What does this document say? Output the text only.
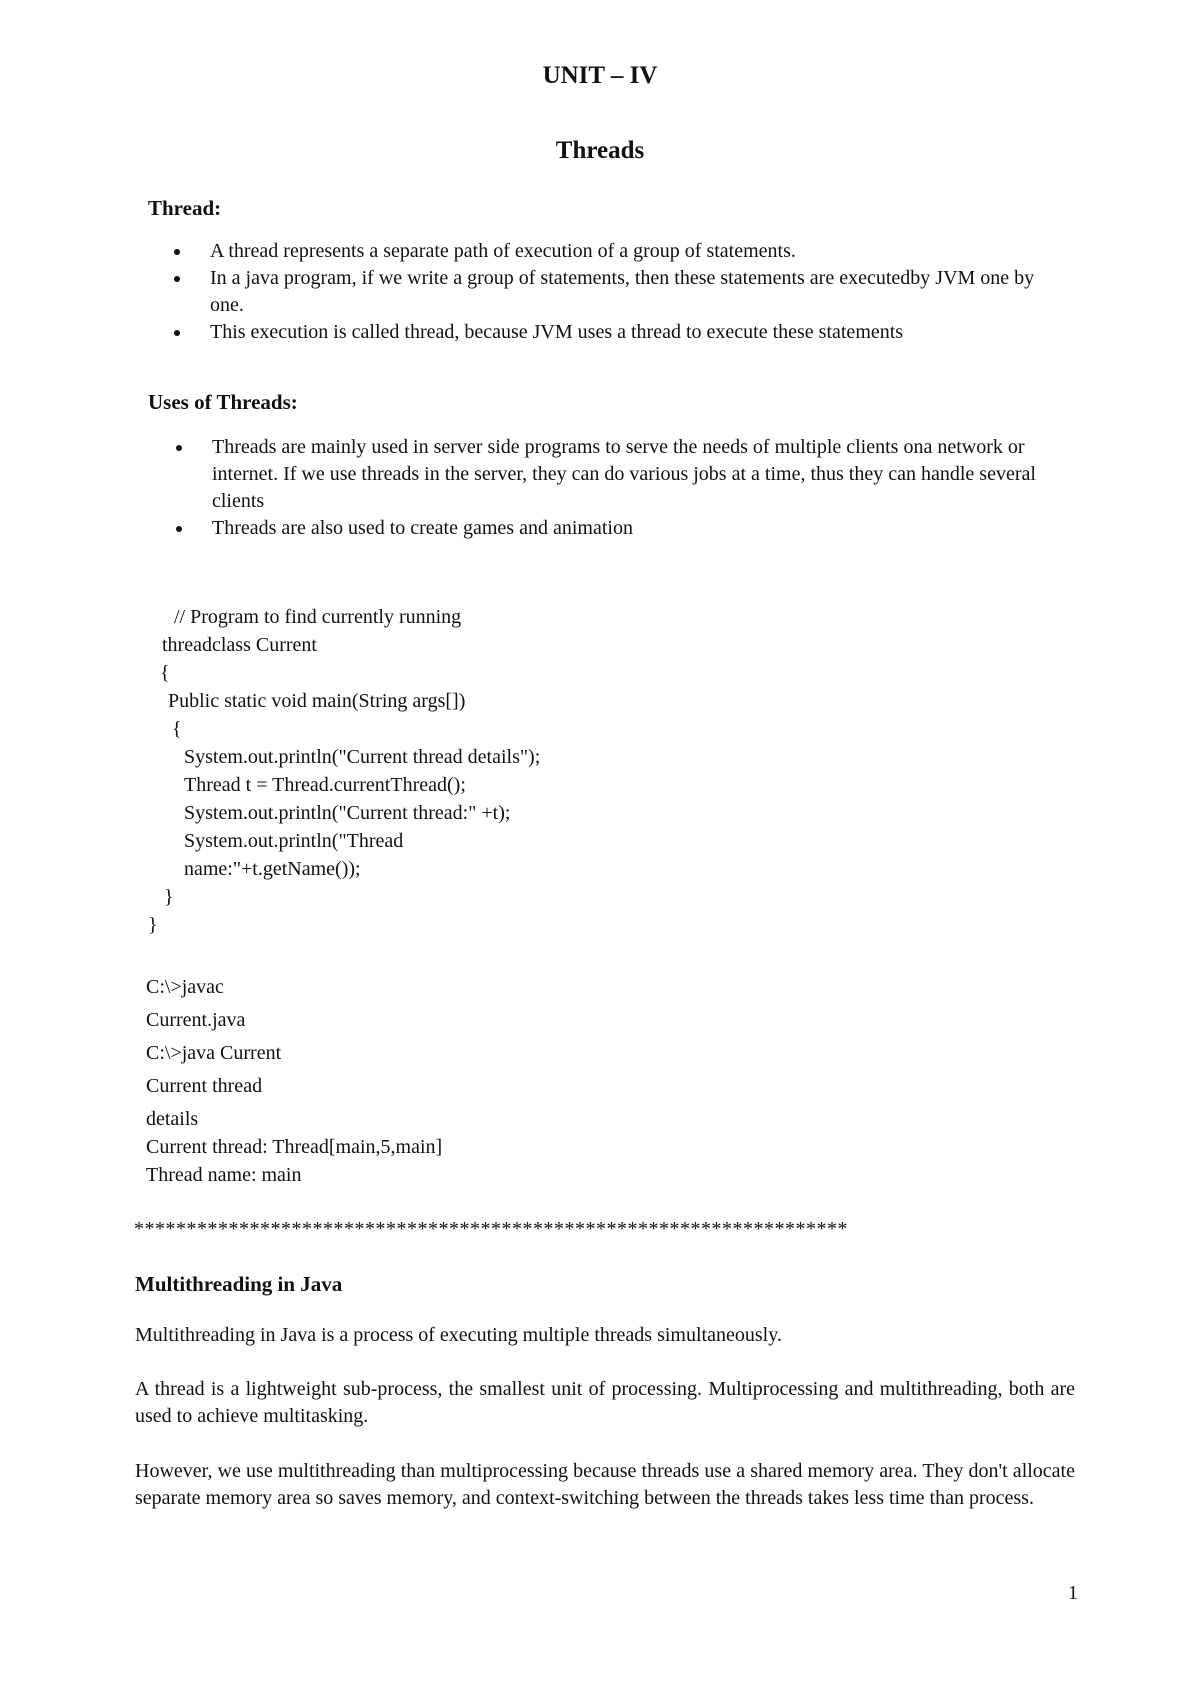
UNIT – IV
Threads
Thread:
A thread represents a separate path of execution of a group of statements.
In a java program, if we write a group of statements, then these statements are executedby JVM one by one.
This execution is called thread, because JVM uses a thread to execute these statements
Uses of Threads:
Threads are mainly used in server side programs to serve the needs of multiple clients ona network or internet. If we use threads in the server, they can do various jobs at a time, thus they can handle several clients
Threads are also used to create games and animation
// Program to find currently running
threadclass Current
{
Public static void main(String args[])
{
System.out.println("Current thread details");
Thread t = Thread.currentThread();
System.out.println("Current thread:" +t);
System.out.println("Thread
name:"+t.getName());
}
}
C:\>javac
Current.java
C:\>java Current
Current thread
details
Current thread: Thread[main,5,main]
Thread name: main
********************************************************************
Multithreading in Java
Multithreading in Java is a process of executing multiple threads simultaneously.
A thread is a lightweight sub-process, the smallest unit of processing. Multiprocessing and multithreading, both are used to achieve multitasking.
However, we use multithreading than multiprocessing because threads use a shared memory area. They don't allocate separate memory area so saves memory, and context-switching between the threads takes less time than process.
1
